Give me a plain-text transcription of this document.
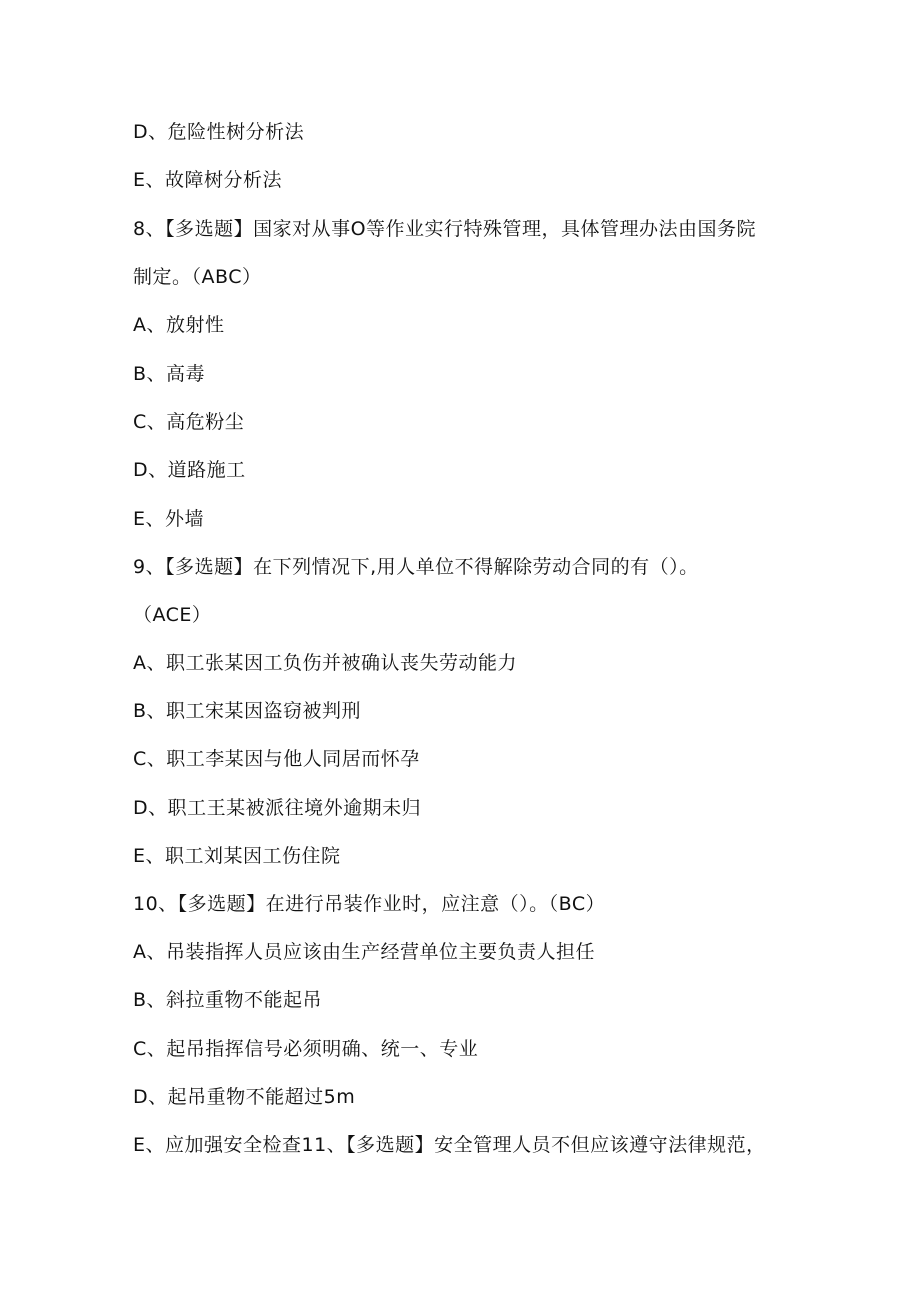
D、危险性树分析法
E、故障树分析法
8、【多选题】国家对从事O等作业实行特殊管理，具体管理办法由国务院
制定。（ABC）
A、放射性
B、高毒
C、高危粉尘
D、道路施工
E、外墙
9、【多选题】在下列情况下,用人单位不得解除劳动合同的有（）。
（ACE）
A、职工张某因工负伤并被确认丧失劳动能力
B、职工宋某因盗窃被判刑
C、职工李某因与他人同居而怀孕
D、职工王某被派往境外逾期未归
E、职工刘某因工伤住院
10、【多选题】在进行吊装作业时，应注意（）。（BC）
A、吊装指挥人员应该由生产经营单位主要负责人担任
B、斜拉重物不能起吊
C、起吊指挥信号必须明确、统一、专业
D、起吊重物不能超过5m
E、应加强安全检查11、【多选题】安全管理人员不但应该遵守法律规范，
